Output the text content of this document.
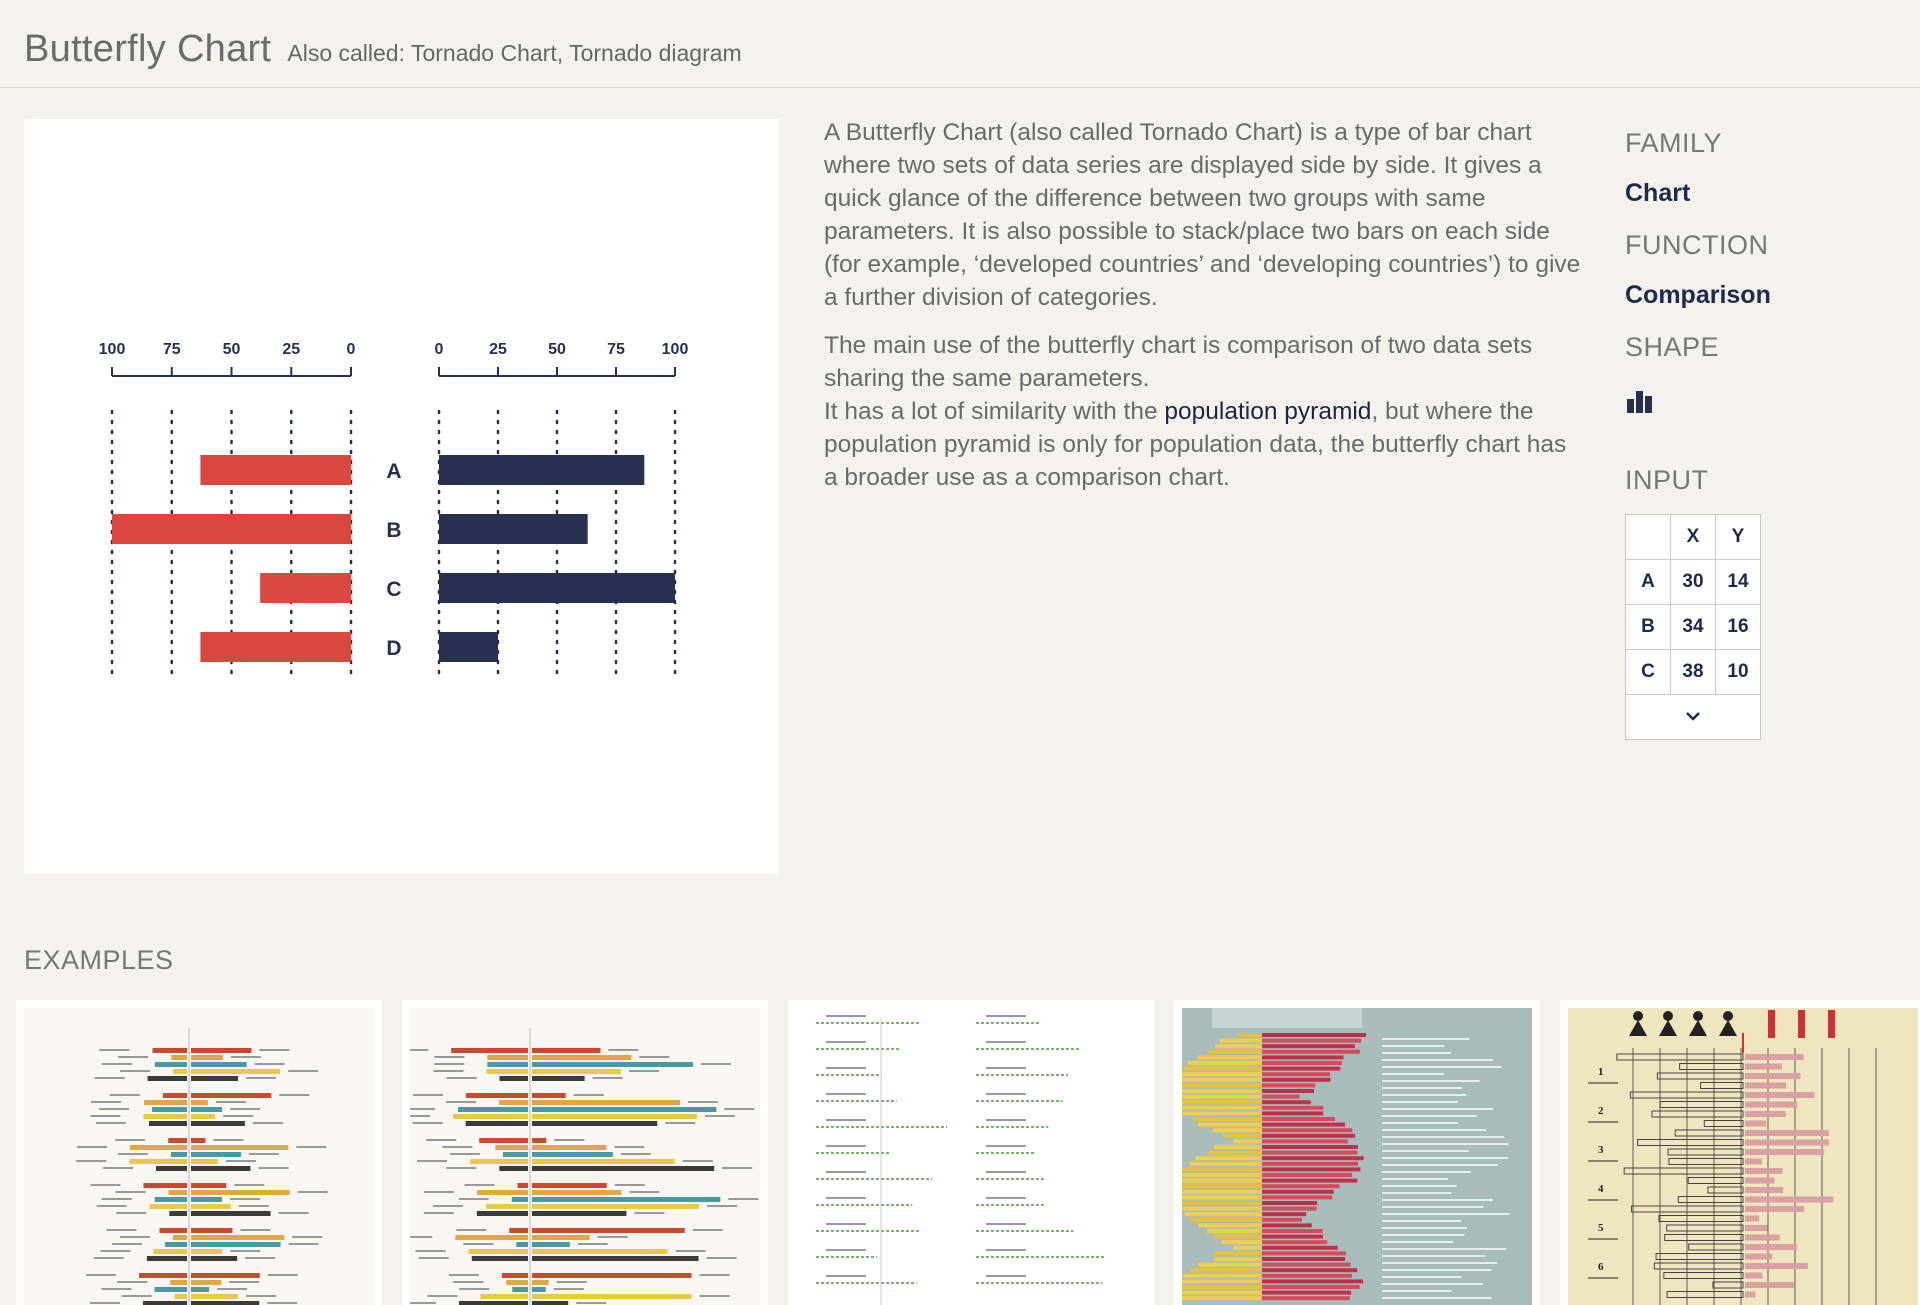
Butterfly Chart Also called: Tornado Chart, Tornado diagram
100 75	50	25	0	0	25	50	75 100
A
B
C
D

A Butterfly Chart (also called Tornado Chart) is a type of bar chart where two sets of data series are displayed side by side. It gives a quick glance of the difference between two groups with same parameters. It is also possible to stack/place two bars on each side (for example, ‘developed countries’ and ‘developing countries’) to give a further division of categories.

The main use of the butterfly chart is comparison of two data sets sharing the same parameters.
It has a lot of similarity with the population pyramid, but where the population pyramid is only for population data, the butterfly chart has a broader use as a comparison chart.

FAMILY
Chart
FUNCTION
Comparison
SHAPE
INPUT
	X	Y
A	30	14
B	34	16
C	38	10

EXAMPLES
1
2
3
4
5
6
